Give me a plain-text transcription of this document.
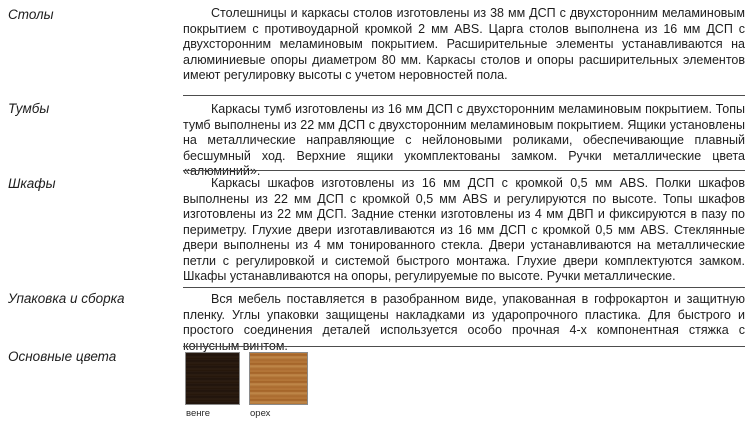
Столы	Столешницы и каркасы столов изготовлены из 38 мм ДСП с двухсторонним меламиновым покрытием с противоударной кромкой 2 мм ABS. Царга столов выполнена из 16 мм ДСП с двухсторонним меламиновым покрытием. Расширительные элементы устанавливаются на алюминиевые опоры диаметром 80 мм. Каркасы столов и опоры расширительных элементов имеют регулировку высоты с учетом неровностей пола.
Тумбы	Каркасы тумб изготовлены из 16 мм ДСП с двухсторонним меламиновым покрытием. Топы тумб выполнены из 22 мм ДСП с двухсторонним меламиновым покрытием. Ящики установлены на металлические направляющие с нейлоновыми роликами, обеспечивающие плавный бесшумный ход. Верхние ящики укомплектованы замком. Ручки металлические цвета «алюминий».
Шкафы	Каркасы шкафов изготовлены из 16 мм ДСП с кромкой 0,5 мм ABS. Полки шкафов выполнены из 22 мм ДСП с кромкой 0,5 мм ABS и регулируются по высоте. Топы шкафов изготовлены из 22 мм ДСП. Задние стенки изготовлены из 4 мм ДВП и фиксируются в пазу по периметру. Глухие двери изготавливаются из 16 мм ДСП с кромкой 0,5 мм ABS. Стеклянные двери выполнены из 4 мм тонированного стекла. Двери устанавливаются на металлические петли с регулировкой и системой быстрого монтажа. Глухие двери комплектуются замком. Шкафы устанавливаются на опоры, регулируемые по высоте. Ручки металлические.
Упаковка и сборка	Вся мебель поставляется в разобранном виде, упакованная в гофрокартон и защитную пленку. Углы упаковки защищены накладками из ударопрочного пластика. Для быстрого и простого соединения деталей используется особо прочная 4-х компонентная стяжка с конусным винтом.
Основные цвета
венге	орех
